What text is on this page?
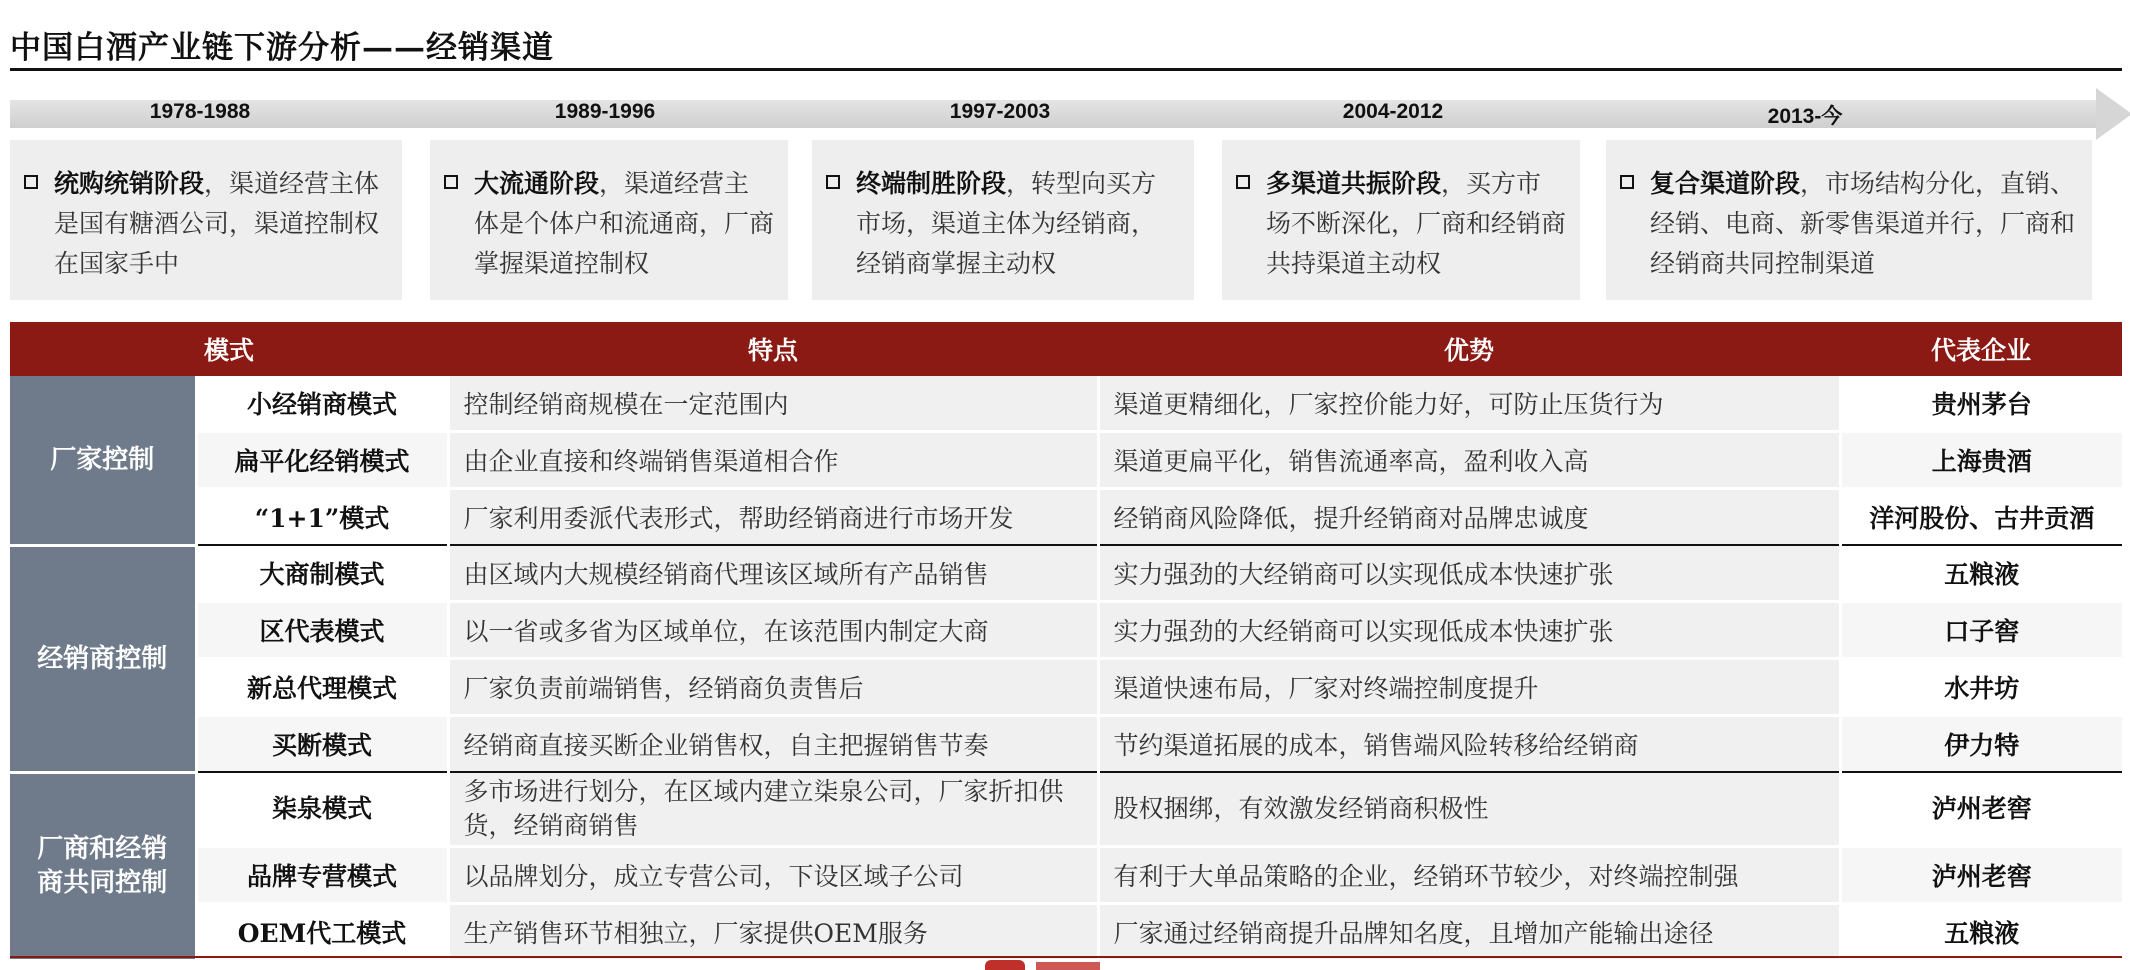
中国白酒产业链下游分析——经销渠道
1978-1988	1989-1996	1997-2003	2004-2012	2013-今
统购统销阶段，渠道经营主体是国有糖酒公司，渠道控制权在国家手中
大流通阶段，渠道经营主体是个体户和流通商，厂商掌握渠道控制权
终端制胜阶段，转型向买方市场，渠道主体为经销商，经销商掌握主动权
多渠道共振阶段，买方市场不断深化，厂商和经销商共持渠道主动权
复合渠道阶段，市场结构分化，直销、经销、电商、新零售渠道并行，厂商和经销商共同控制渠道
模式		特点	优势	代表企业
厂家控制	小经销商模式	控制经销商规模在一定范围内	渠道更精细化，厂家控价能力好，可防止压货行为	贵州茅台
	扁平化经销模式	由企业直接和终端销售渠道相合作	渠道更扁平化，销售流通率高，盈利收入高	上海贵酒
	“1+1”模式	厂家利用委派代表形式，帮助经销商进行市场开发	经销商风险降低，提升经销商对品牌忠诚度	洋河股份、古井贡酒
经销商控制	大商制模式	由区域内大规模经销商代理该区域所有产品销售	实力强劲的大经销商可以实现低成本快速扩张	五粮液
	区代表模式	以一省或多省为区域单位，在该范围内制定大商	实力强劲的大经销商可以实现低成本快速扩张	口子窖
	新总代理模式	厂家负责前端销售，经销商负责售后	渠道快速布局，厂家对终端控制度提升	水井坊
	买断模式	经销商直接买断企业销售权，自主把握销售节奏	节约渠道拓展的成本，销售端风险转移给经销商	伊力特
厂商和经销商共同控制	柒泉模式	多市场进行划分，在区域内建立柒泉公司，厂家折扣供货，经销商销售	股权捆绑，有效激发经销商积极性	泸州老窖
	品牌专营模式	以品牌划分，成立专营公司，下设区域子公司	有利于大单品策略的企业，经销环节较少，对终端控制强	泸州老窖
	OEM代工模式	生产销售环节相独立，厂家提供OEM服务	厂家通过经销商提升品牌知名度，且增加产能输出途径	五粮液
